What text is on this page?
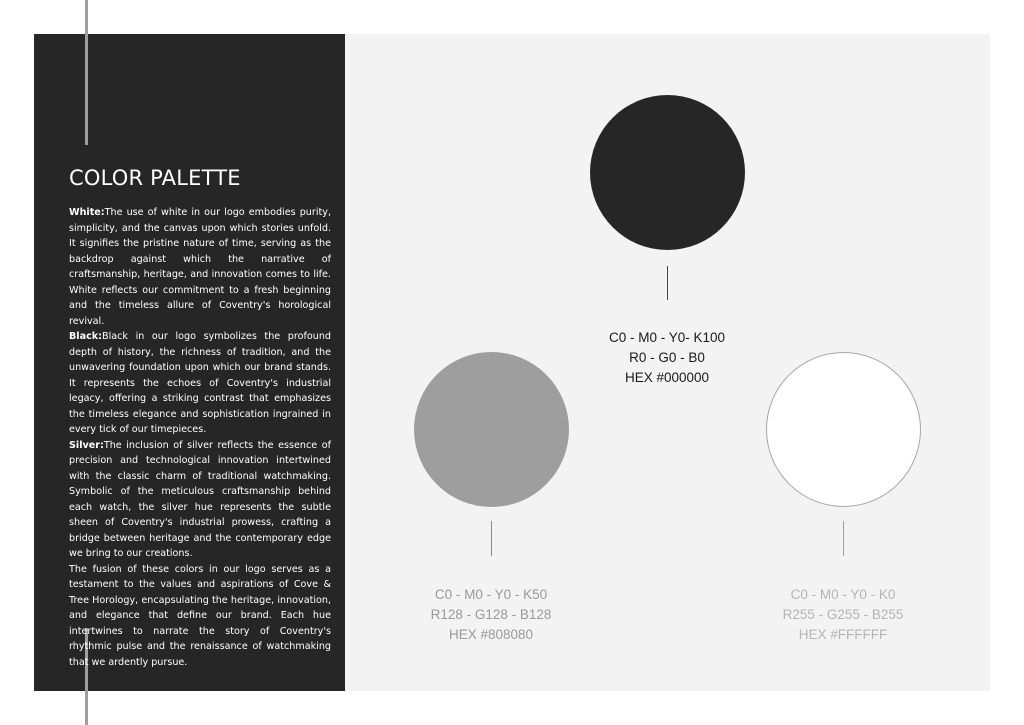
COLOR PALETTE

White:The use of white in our logo embodies purity, simplicity, and the canvas upon which stories unfold. It signifies the pristine nature of time, serving as the backdrop against which the narrative of craftsmanship, heritage, and innovation comes to life. White reflects our commitment to a fresh beginning and the timeless allure of Coventry's horological revival.

Black:Black in our logo symbolizes the profound depth of history, the richness of tradition, and the unwavering foundation upon which our brand stands. It represents the echoes of Coventry's industrial legacy, offering a striking contrast that emphasizes the timeless elegance and sophistication ingrained in every tick of our timepieces.

Silver:The inclusion of silver reflects the essence of precision and technological innovation intertwined with the classic charm of traditional watchmaking. Symbolic of the meticulous craftsmanship behind each watch, the silver hue represents the subtle sheen of Coventry's industrial prowess, crafting a bridge between heritage and the contemporary edge we bring to our creations.

The fusion of these colors in our logo serves as a testament to the values and aspirations of Cove & Tree Horology, encapsulating the heritage, innovation, and elegance that define our brand. Each hue intertwines to narrate the story of Coventry's rhythmic pulse and the renaissance of watchmaking that we ardently pursue.

C0 - M0 - Y0- K100
R0 - G0 - B0
HEX #000000
C0 - M0 - Y0 - K50
R128 - G128 - B128
HEX #808080
C0 - M0 - Y0 - K0
R255 - G255 - B255
HEX #FFFFFF
